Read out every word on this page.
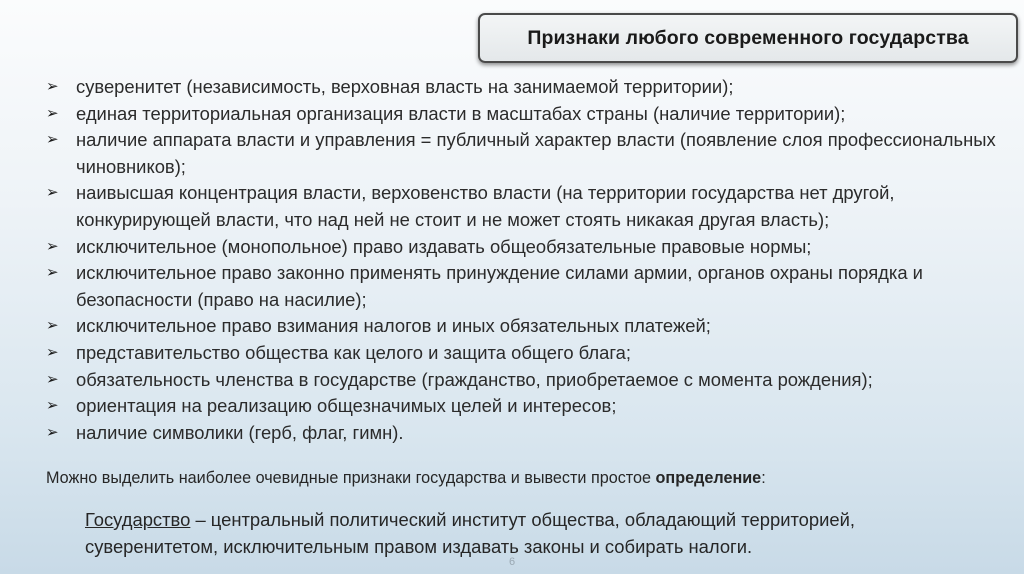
Признаки любого современного государства
➢ суверенитет (независимость, верховная власть на занимаемой территории);
➢ единая территориальная организация власти в масштабах страны (наличие территории);
➢ наличие аппарата власти и управления = публичный характер власти (появление слоя профессиональных чиновников);
➢ наивысшая концентрация власти, верховенство власти (на территории государства нет другой, конкурирующей власти, что над ней не стоит и не может стоять никакая другая власть);
➢ исключительное (монопольное) право издавать общеобязательные правовые нормы;
➢ исключительное право законно применять принуждение силами армии, органов охраны порядка и безопасности (право на насилие);
➢ исключительное право взимания налогов и иных обязательных платежей;
➢ представительство общества как целого и защита общего блага;
➢ обязательность членства в государстве (гражданство, приобретаемое с момента рождения);
➢ ориентация на реализацию общезначимых целей и интересов;
➢ наличие символики (герб, флаг, гимн).
Можно выделить наиболее очевидные признаки государства и вывести простое определение:
Государство – центральный политический институт общества, обладающий территорией, суверенитетом, исключительным правом издавать законы и собирать налоги.
6
